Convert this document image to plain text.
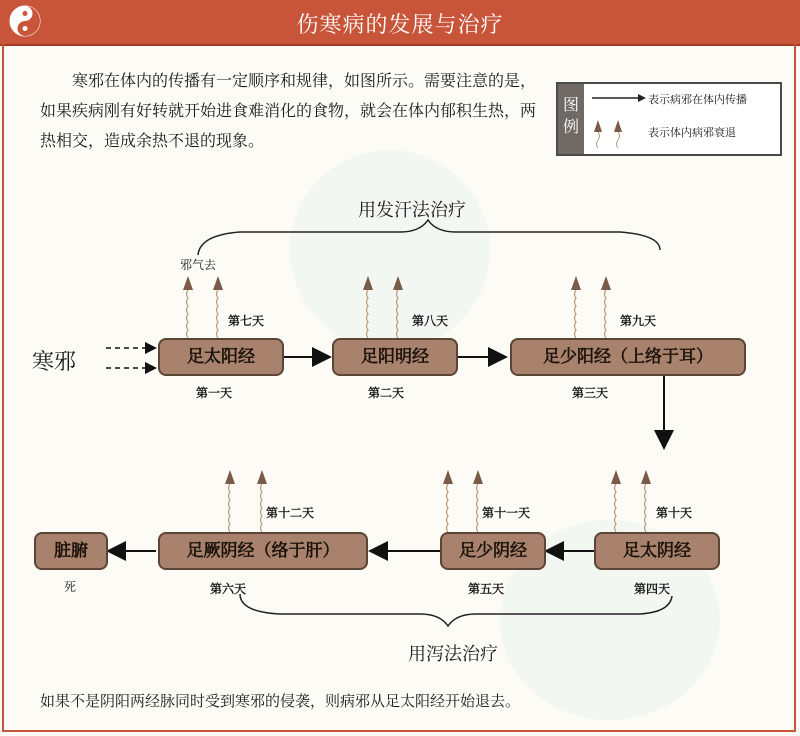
伤寒病的发展与治疗
寒邪在体内的传播有一定顺序和规律，如图所示。需要注意的是，如果疾病刚有好转就开始进食难消化的食物，就会在体内郁积生热，两热相交，造成余热不退的现象。
图例
表示病邪在体内传播
表示体内病邪衰退
用发汗法治疗
用泻法治疗
寒邪
邪气去
死
足太阳经	足阳明经	足少阳经（上络于耳）
足太阴经
足少阴经
足厥阴经（络于肝）
脏腑
第一天	第二天	第三天
第四天
第五天
第六天
第七天	第八天	第九天
第十天
第十一天
第十二天
如果不是阴阳两经脉同时受到寒邪的侵袭，则病邪从足太阳经开始退去。
